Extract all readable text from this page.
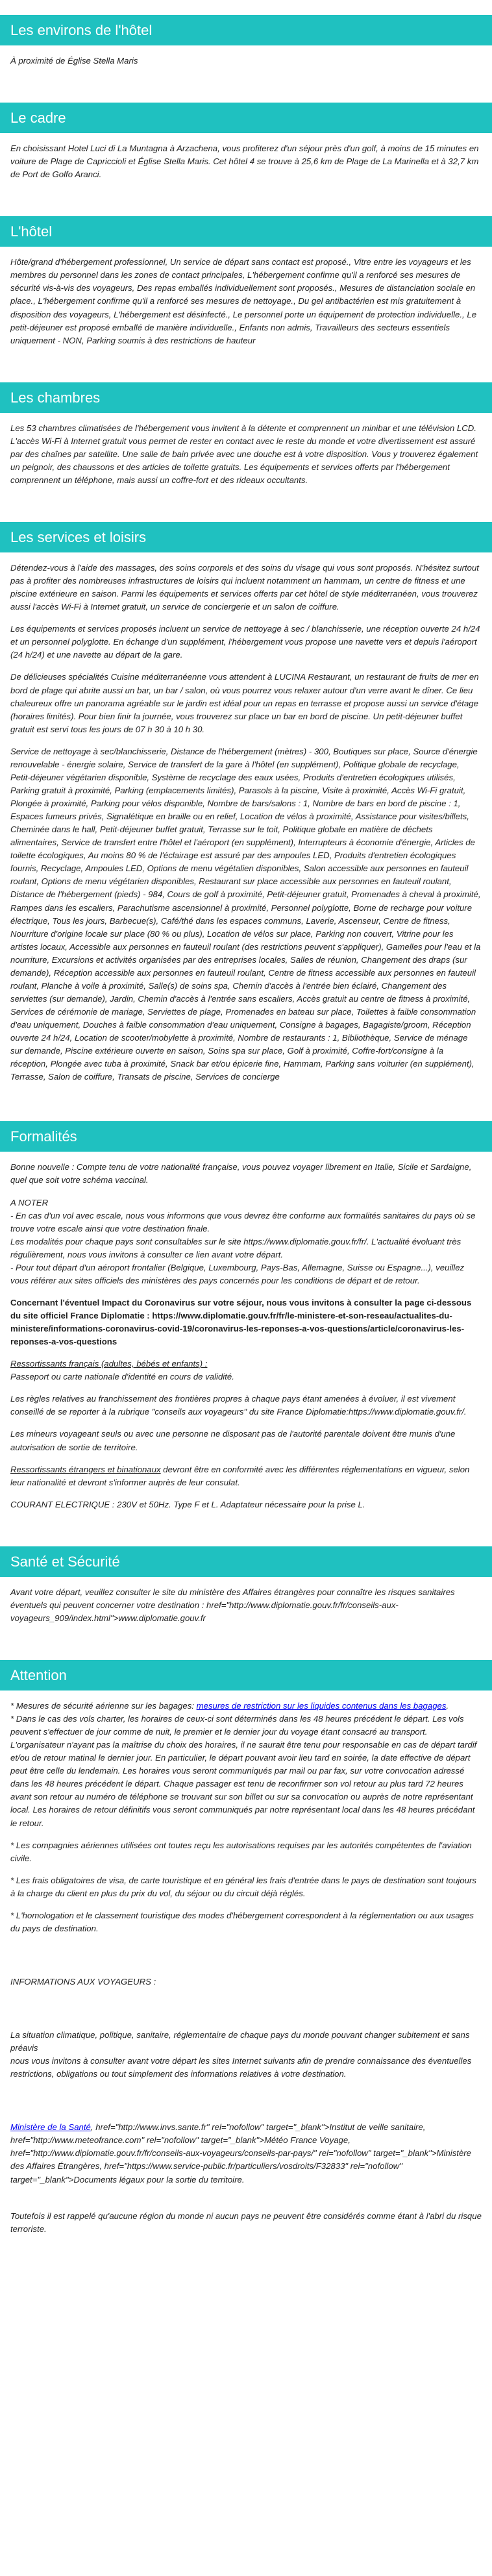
Les environs de l'hôtel

À proximité de Église Stella Maris

Le cadre

En choisissant Hotel Luci di La Muntagna à Arzachena, vous profiterez d'un séjour près d'un golf, à moins de 15 minutes en voiture de Plage de Capriccioli et Église Stella Maris. Cet hôtel 4 se trouve à 25,6 km de Plage de La Marinella et à 32,7 km de Port de Golfo Aranci.

L'hôtel

Hôte/grand d'hébergement professionnel, Un service de départ sans contact est proposé., Vitre entre les voyageurs et les membres du personnel dans les zones de contact principales, L'hébergement confirme qu'il a renforcé ses mesures de sécurité vis-à-vis des voyageurs, Des repas emballés individuellement sont proposés., Mesures de distanciation sociale en place., L'hébergement confirme qu'il a renforcé ses mesures de nettoyage., Du gel antibactérien est mis gratuitement à disposition des voyageurs, L'hébergement est désinfecté., Le personnel porte un équipement de protection individuelle., Le petit-déjeuner est proposé emballé de manière individuelle., Enfants non admis, Travailleurs des secteurs essentiels uniquement - NON, Parking soumis à des restrictions de hauteur

Les chambres

Les 53 chambres climatisées de l'hébergement vous invitent à la détente et comprennent un minibar et une télévision LCD. L'accès Wi-Fi à Internet gratuit vous permet de rester en contact avec le reste du monde et votre divertissement est assuré par des chaînes par satellite. Une salle de bain privée avec une douche est à votre disposition. Vous y trouverez également un peignoir, des chaussons et des articles de toilette gratuits. Les équipements et services offerts par l'hébergement comprennent un téléphone, mais aussi un coffre-fort et des rideaux occultants.

Les services et loisirs

Détendez-vous à l'aide des massages, des soins corporels et des soins du visage qui vous sont proposés. N'hésitez surtout pas à profiter des nombreuses infrastructures de loisirs qui incluent notamment un hammam, un centre de fitness et une piscine extérieure en saison. Parmi les équipements et services offerts par cet hôtel de style méditerranéen, vous trouverez aussi l'accès Wi-Fi à Internet gratuit, un service de conciergerie et un salon de coiffure.

Les équipements et services proposés incluent un service de nettoyage à sec / blanchisserie, une réception ouverte 24 h/24 et un personnel polyglotte. En échange d'un supplément, l'hébergement vous propose une navette vers et depuis l'aéroport (24 h/24) et une navette au départ de la gare.

De délicieuses spécialités Cuisine méditerranéenne vous attendent à LUCINA Restaurant, un restaurant de fruits de mer en bord de plage qui abrite aussi un bar, un bar / salon, où vous pourrez vous relaxer autour d'un verre avant le dîner. Ce lieu chaleureux offre un panorama agréable sur le jardin est idéal pour un repas en terrasse et propose aussi un service d'étage (horaires limités). Pour bien finir la journée, vous trouverez sur place un bar en bord de piscine. Un petit-déjeuner buffet gratuit est servi tous les jours de 07 h 30 à 10 h 30.

Service de nettoyage à sec/blanchisserie, Distance de l'hébergement (mètres) - 300, Boutiques sur place, Source d'énergie renouvelable - énergie solaire, Service de transfert de la gare à l'hôtel (en supplément), Politique globale de recyclage, Petit-déjeuner végétarien disponible, Système de recyclage des eaux usées, Produits d'entretien écologiques utilisés, Parking gratuit à proximité, Parking (emplacements limités), Parasols à la piscine, Visite à proximité, Accès Wi-Fi gratuit, Plongée à proximité, Parking pour vélos disponible, Nombre de bars/salons : 1, Nombre de bars en bord de piscine : 1, Espaces fumeurs privés, Signalétique en braille ou en relief, Location de vélos à proximité, Assistance pour visites/billets, Cheminée dans le hall, Petit-déjeuner buffet gratuit, Terrasse sur le toit, Politique globale en matière de déchets alimentaires, Service de transfert entre l'hôtel et l'aéroport (en supplément), Interrupteurs à économie d'énergie, Articles de toilette écologiques, Au moins 80 % de l'éclairage est assuré par des ampoules LED, Produits d'entretien écologiques fournis, Recyclage, Ampoules LED, Options de menu végétalien disponibles, Salon accessible aux personnes en fauteuil roulant, Options de menu végétarien disponibles, Restaurant sur place accessible aux personnes en fauteuil roulant, Distance de l'hébergement (pieds) - 984, Cours de golf à proximité, Petit-déjeuner gratuit, Promenades à cheval à proximité, Rampes dans les escaliers, Parachutisme ascensionnel à proximité, Personnel polyglotte, Borne de recharge pour voiture électrique, Tous les jours, Barbecue(s), Café/thé dans les espaces communs, Laverie, Ascenseur, Centre de fitness, Nourriture d'origine locale sur place (80 % ou plus), Location de vélos sur place, Parking non couvert, Vitrine pour les artistes locaux, Accessible aux personnes en fauteuil roulant (des restrictions peuvent s'appliquer), Gamelles pour l'eau et la nourriture, Excursions et activités organisées par des entreprises locales, Salles de réunion, Changement des draps (sur demande), Réception accessible aux personnes en fauteuil roulant, Centre de fitness accessible aux personnes en fauteuil roulant, Planche à voile à proximité, Salle(s) de soins spa, Chemin d'accès à l'entrée bien éclairé, Changement des serviettes (sur demande), Jardin, Chemin d'accès à l'entrée sans escaliers, Accès gratuit au centre de fitness à proximité, Services de cérémonie de mariage, Serviettes de plage, Promenades en bateau sur place, Toilettes à faible consommation d'eau uniquement, Douches à faible consommation d'eau uniquement, Consigne à bagages, Bagagiste/groom, Réception ouverte 24 h/24, Location de scooter/mobylette à proximité, Nombre de restaurants : 1, Bibliothèque, Service de ménage sur demande, Piscine extérieure ouverte en saison, Soins spa sur place, Golf à proximité, Coffre-fort/consigne à la réception, Plongée avec tuba à proximité, Snack bar et/ou épicerie fine, Hammam, Parking sans voiturier (en supplément), Terrasse, Salon de coiffure, Transats de piscine, Services de concierge

Formalités

Bonne nouvelle : Compte tenu de votre nationalité française, vous pouvez voyager librement en Italie, Sicile et Sardaigne, quel que soit votre schéma vaccinal.

A NOTER
- En cas d'un vol avec escale, nous vous informons que vous devrez être conforme aux formalités sanitaires du pays où se trouve votre escale ainsi que votre destination finale.
Les modalités pour chaque pays sont consultables sur le site https://www.diplomatie.gouv.fr/fr/. L'actualité évoluant très régulièrement, nous vous invitons à consulter ce lien avant votre départ.
- Pour tout départ d'un aéroport frontalier (Belgique, Luxembourg, Pays-Bas, Allemagne, Suisse ou Espagne...), veuillez vous référer aux sites officiels des ministères des pays concernés pour les conditions de départ et de retour.

Concernant l'éventuel Impact du Coronavirus sur votre séjour, nous vous invitons à consulter la page ci-dessous du site officiel France Diplomatie : https://www.diplomatie.gouv.fr/fr/le-ministere-et-son-reseau/actualites-du-ministere/informations-coronavirus-covid-19/coronavirus-les-reponses-a-vos-questions/article/coronavirus-les-reponses-a-vos-questions

Ressortissants français (adultes, bébés et enfants) :
Passeport ou carte nationale d'identité en cours de validité.

Les règles relatives au franchissement des frontières propres à chaque pays étant amenées à évoluer, il est vivement conseillé de se reporter à la rubrique "conseils aux voyageurs" du site France Diplomatie:https://www.diplomatie.gouv.fr/.

Les mineurs voyageant seuls ou avec une personne ne disposant pas de l'autorité parentale doivent être munis d'une autorisation de sortie de territoire.

Ressortissants étrangers et binationaux devront être en conformité avec les différentes réglementations en vigueur, selon leur nationalité et devront s'informer auprès de leur consulat.

COURANT ELECTRIQUE : 230V et 50Hz. Type F et L. Adaptateur nécessaire pour la prise L.

Santé et Sécurité

Avant votre départ, veuillez consulter le site du ministère des Affaires étrangères pour connaître les risques sanitaires éventuels qui peuvent concerner votre destination : href="http://www.diplomatie.gouv.fr/fr/conseils-aux-voyageurs_909/index.html">www.diplomatie.gouv.fr

Attention

* Mesures de sécurité aérienne sur les bagages: mesures de restriction sur les liquides contenus dans les bagages.

* Dans le cas des vols charter, les horaires de ceux-ci sont déterminés dans les 48 heures précédent le départ. Les vols peuvent s'effectuer de jour comme de nuit, le premier et le dernier jour du voyage étant consacré au transport. L'organisateur n'ayant pas la maîtrise du choix des horaires, il ne saurait être tenu pour responsable en cas de départ tardif et/ou de retour matinal le dernier jour. En particulier, le départ pouvant avoir lieu tard en soirée, la date effective de départ peut être celle du lendemain. Les horaires vous seront communiqués par mail ou par fax, sur votre convocation adressé dans les 48 heures précédent le départ. Chaque passager est tenu de reconfirmer son vol retour au plus tard 72 heures avant son retour au numéro de téléphone se trouvant sur son billet ou sur sa convocation ou auprès de notre représentant local. Les horaires de retour définitifs vous seront communiqués par notre représentant local dans les 48 heures précédant le retour.

* Les compagnies aériennes utilisées ont toutes reçu les autorisations requises par les autorités compétentes de l'aviation civile.

* Les frais obligatoires de visa, de carte touristique et en général les frais d'entrée dans le pays de destination sont toujours à la charge du client en plus du prix du vol, du séjour ou du circuit déjà réglés.

* L'homologation et le classement touristique des modes d'hébergement correspondent à la réglementation ou aux usages du pays de destination.

INFORMATIONS AUX VOYAGEURS :

La situation climatique, politique, sanitaire, réglementaire de chaque pays du monde pouvant changer subitement et sans préavis

nous vous invitons à consulter avant votre départ les sites Internet suivants afin de prendre connaissance des éventuelles restrictions, obligations ou tout simplement des informations relatives à votre destination.

Ministère de la Santé, href="http://www.invs.sante.fr" rel="nofollow" target="_blank">Institut de veille sanitaire, href="http://www.meteofrance.com" rel="nofollow" target="_blank">Météo France Voyage, href="http://www.diplomatie.gouv.fr/fr/conseils-aux-voyageurs/conseils-par-pays/" rel="nofollow" target="_blank">Ministère des Affaires Étrangères, href="https://www.service-public.fr/particuliers/vosdroits/F32833" rel="nofollow" target="_blank">Documents légaux pour la sortie du territoire.

Toutefois il est rappelé qu'aucune région du monde ni aucun pays ne peuvent être considérés comme étant à l'abri du risque terroriste.
